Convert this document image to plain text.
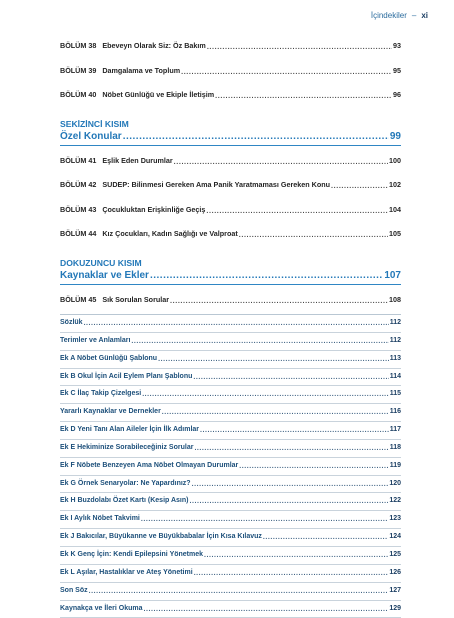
İçindekiler – xi
BÖLÜM 38 Ebeveyn Olarak Siz: Öz Bakım .....	93
BÖLÜM 39 Damgalama ve Toplum .....	95
BÖLÜM 40 Nöbet Günlüğü ve Ekiple İletişim .....	96
SEKİZİNCİ KISIM
Özel Konular .....	99
BÖLÜM 41 Eşlik Eden Durumlar .....	100
BÖLÜM 42 SUDEP: Bilinmesi Gereken Ama Panik Yaratmaması Gereken Konu .....	102
BÖLÜM 43 Çocukluktan Erişkinliğe Geçiş .....	104
BÖLÜM 44 Kız Çocukları, Kadın Sağlığı ve Valproat .....	105
DOKUZUNCU KISIM
Kaynaklar ve Ekler .....	107
BÖLÜM 45 Sık Sorulan Sorular .....	108
Sözlük .....	112
Terimler ve Anlamları .....	112
Ek A Nöbet Günlüğü Şablonu .....	113
Ek B Okul İçin Acil Eylem Planı Şablonu .....	114
Ek C İlaç Takip Çizelgesi .....	115
Yararlı Kaynaklar ve Dernekler .....	116
Ek D Yeni Tanı Alan Aileler İçin İlk Adımlar .....	117
Ek E Hekiminize Sorabileceğiniz Sorular .....	118
Ek F Nöbete Benzeyen Ama Nöbet Olmayan Durumlar .....	119
Ek G Örnek Senaryolar: Ne Yapardınız? .....	120
Ek H Buzdolabı Özet Kartı (Kesip Asın) .....	122
Ek I Aylık Nöbet Takvimi .....	123
Ek J Bakıcılar, Büyükanne ve Büyükbabalar İçin Kısa Kılavuz .....	124
Ek K Genç İçin: Kendi Epilepsini Yönetmek .....	125
Ek L Aşılar, Hastalıklar ve Ateş Yönetimi .....	126
Son Söz .....	127
Kaynakça ve İleri Okuma .....	129
